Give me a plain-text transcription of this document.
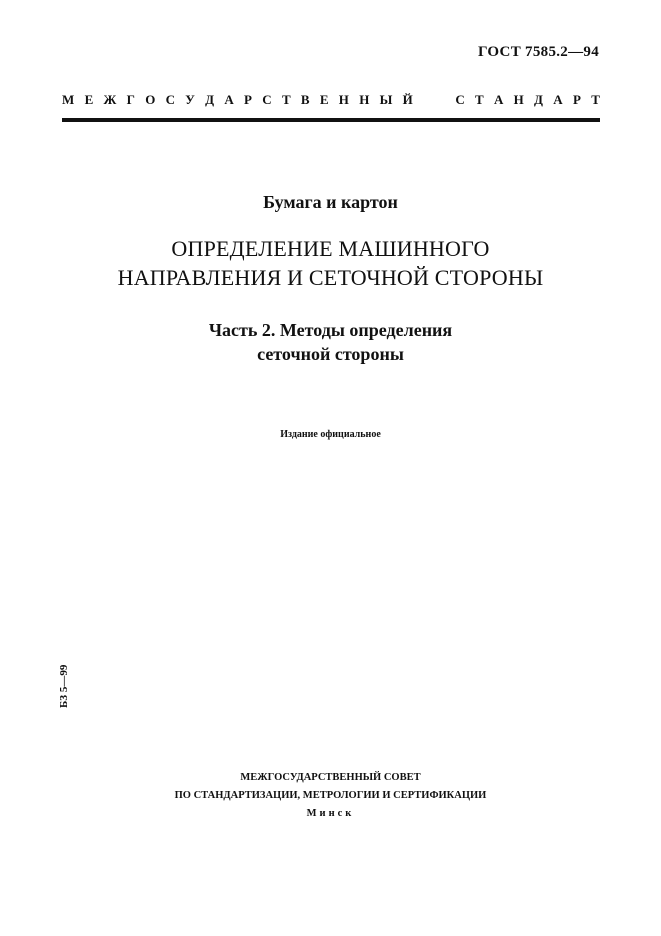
ГОСТ 7585.2—94
М Е Ж Г О С У Д А Р С Т В Е Н Н Ы Й	С Т А Н Д А Р Т
Бумага и картон
ОПРЕДЕЛЕНИЕ МАШИННОГО
НАПРАВЛЕНИЯ И СЕТОЧНОЙ СТОРОНЫ
Часть 2. Методы определения
сеточной стороны
Издание официальное
БЗ 5—99
МЕЖГОСУДАРСТВЕННЫЙ СОВЕТ
ПО СТАНДАРТИЗАЦИИ, МЕТРОЛОГИИ И СЕРТИФИКАЦИИ
Минск
